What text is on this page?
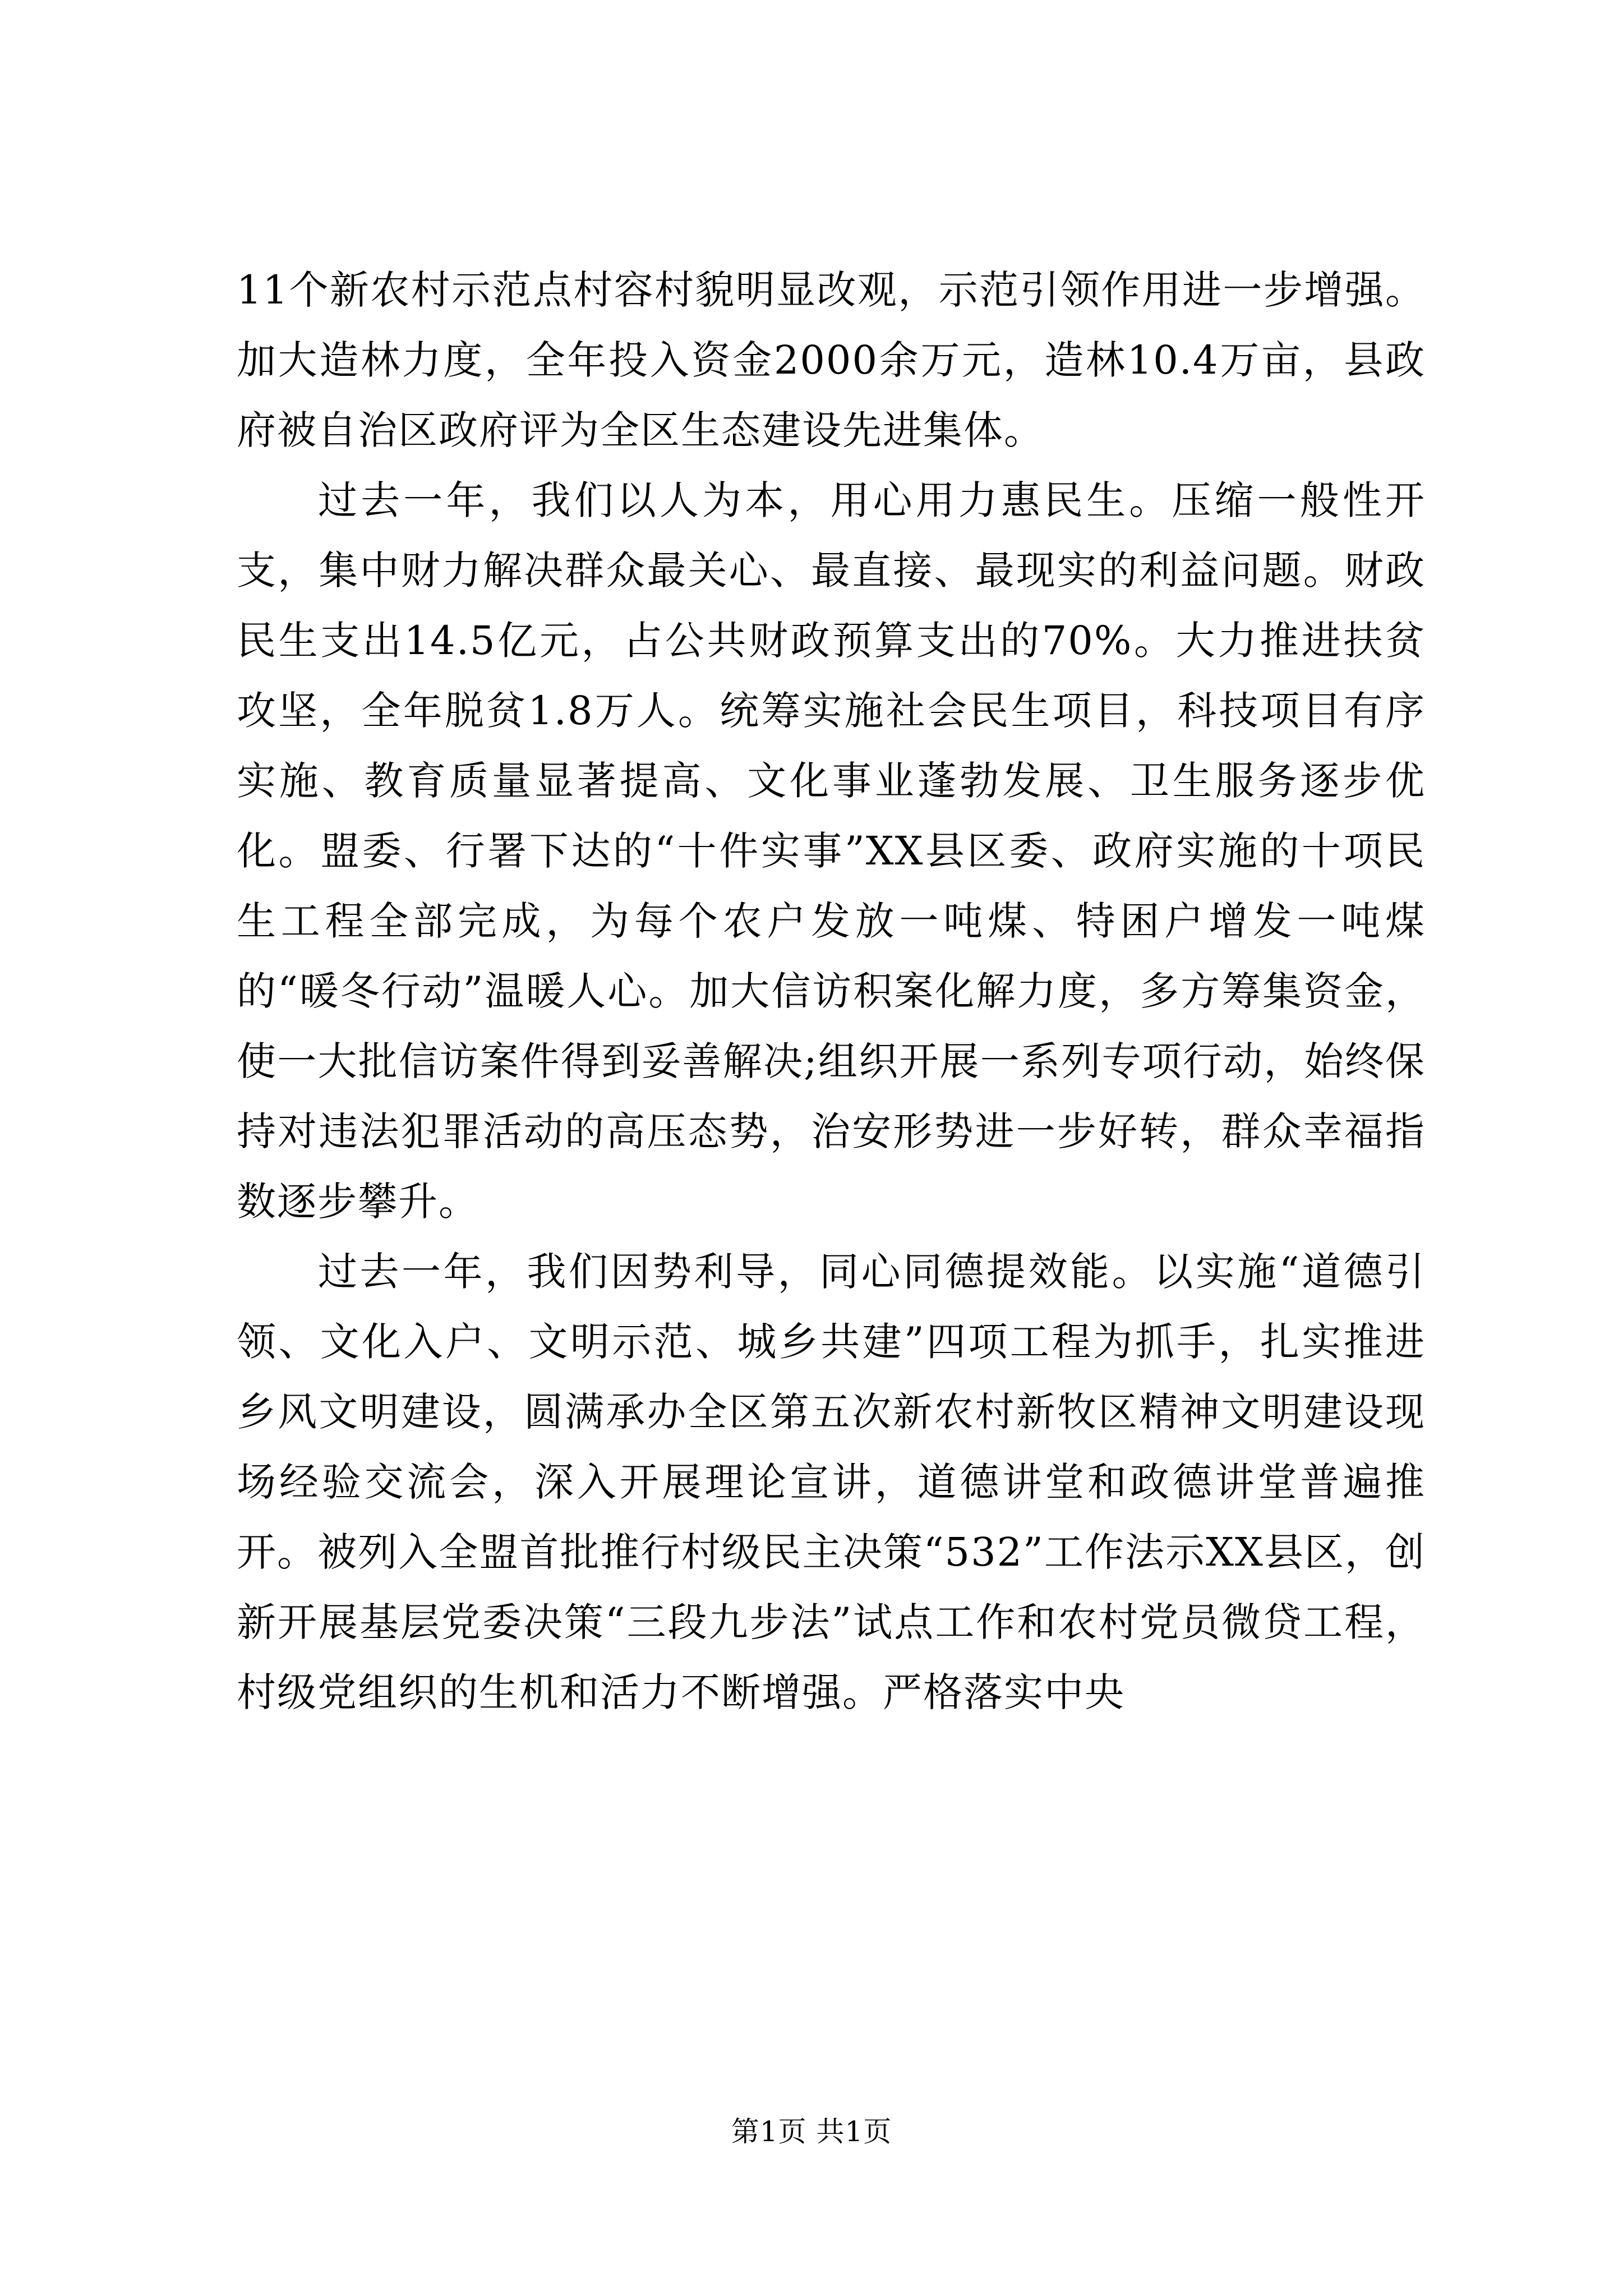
11个新农村示范点村容村貌明显改观，示范引领作用进一步增强。加大造林力度，全年投入资金2000余万元，造林10.4万亩，县政府被自治区政府评为全区生态建设先进集体。

过去一年，我们以人为本，用心用力惠民生。压缩一般性开支，集中财力解决群众最关心、最直接、最现实的利益问题。财政民生支出14.5亿元，占公共财政预算支出的70%。大力推进扶贫攻坚，全年脱贫1.8万人。统筹实施社会民生项目，科技项目有序实施、教育质量显著提高、文化事业蓬勃发展、卫生服务逐步优化。盟委、行署下达的“十件实事”XX县区委、政府实施的十项民生工程全部完成，为每个农户发放一吨煤、特困户增发一吨煤的“暖冬行动”温暖人心。加大信访积案化解力度，多方筹集资金，使一大批信访案件得到妥善解决;组织开展一系列专项行动，始终保持对违法犯罪活动的高压态势，治安形势进一步好转，群众幸福指数逐步攀升。

过去一年，我们因势利导，同心同德提效能。以实施“道德引领、文化入户、文明示范、城乡共建”四项工程为抓手，扎实推进乡风文明建设，圆满承办全区第五次新农村新牧区精神文明建设现场经验交流会，深入开展理论宣讲，道德讲堂和政德讲堂普遍推开。被列入全盟首批推行村级民主决策“532”工作法示XX县区，创新开展基层党委决策“三段九步法”试点工作和农村党员微贷工程，村级党组织的生机和活力不断增强。严格落实中央

第1页 共1页
